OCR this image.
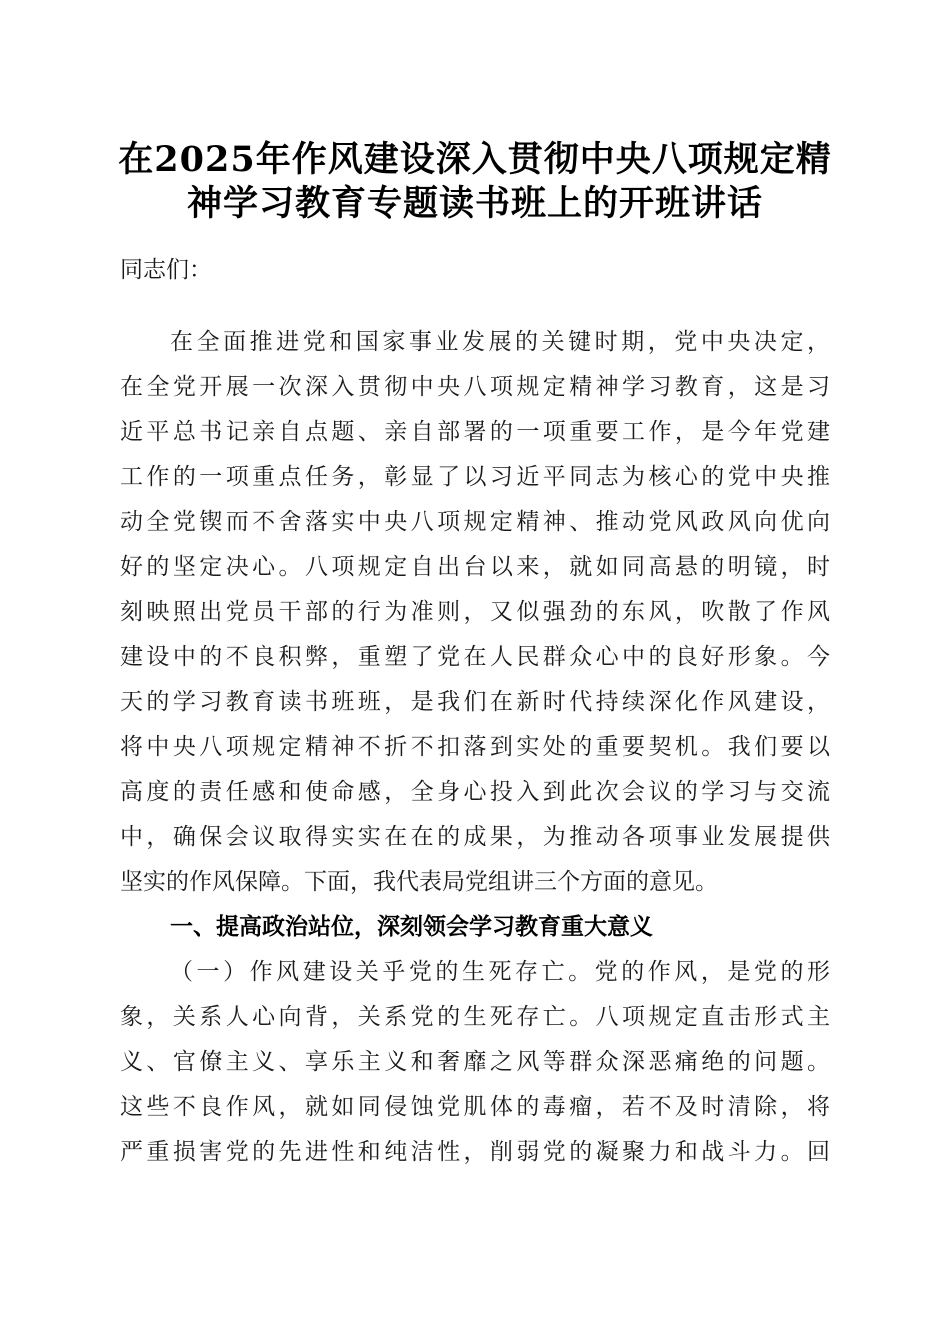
在2025年作风建设深入贯彻中央八项规定精
神学习教育专题读书班上的开班讲话
同志们：
在全面推进党和国家事业发展的关键时期，党中央决定，
在全党开展一次深入贯彻中央八项规定精神学习教育，这是习
近平总书记亲自点题、亲自部署的一项重要工作，是今年党建
工作的一项重点任务，彰显了以习近平同志为核心的党中央推
动全党锲而不舍落实中央八项规定精神、推动党风政风向优向
好的坚定决心。八项规定自出台以来，就如同高悬的明镜，时
刻映照出党员干部的行为准则，又似强劲的东风，吹散了作风
建设中的不良积弊，重塑了党在人民群众心中的良好形象。今
天的学习教育读书班班，是我们在新时代持续深化作风建设，
将中央八项规定精神不折不扣落到实处的重要契机。我们要以
高度的责任感和使命感，全身心投入到此次会议的学习与交流
中，确保会议取得实实在在的成果，为推动各项事业发展提供
坚实的作风保障。下面，我代表局党组讲三个方面的意见。
一、提高政治站位，深刻领会学习教育重大意义
（一）作风建设关乎党的生死存亡。党的作风，是党的形
象，关系人心向背，关系党的生死存亡。八项规定直击形式主
义、官僚主义、享乐主义和奢靡之风等群众深恶痛绝的问题。
这些不良作风，就如同侵蚀党肌体的毒瘤，若不及时清除，将
严重损害党的先进性和纯洁性，削弱党的凝聚力和战斗力。回
